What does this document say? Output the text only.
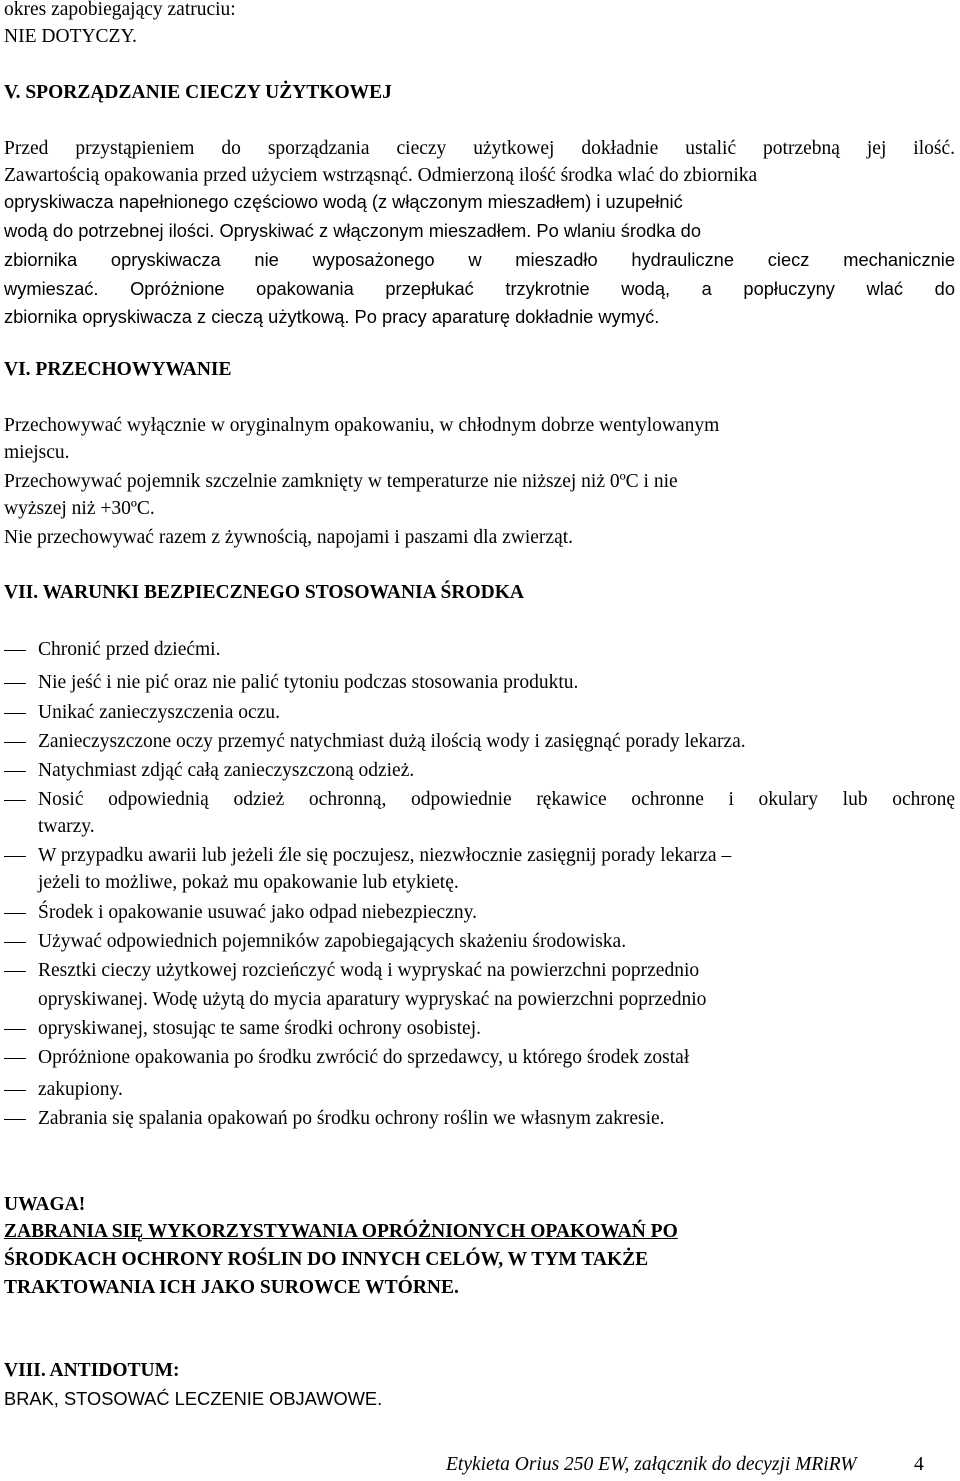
okres zapobiegający zatruciu:
NIE DOTYCZY.
V. SPORZĄDZANIE CIECZY UŻYTKOWEJ
Przed przystąpieniem do sporządzania cieczy użytkowej dokładnie ustalić potrzebną jej ilość.
Zawartością opakowania przed użyciem wstrząsnąć. Odmierzoną ilość środka wlać do zbiornika
opryskiwacza napełnionego częściowo wodą (z włączonym mieszadłem) i uzupełnić
wodą do potrzebnej ilości. Opryskiwać z włączonym mieszadłem. Po wlaniu środka do
zbiornika opryskiwacza nie wyposażonego w mieszadło hydrauliczne ciecz mechanicznie
wymieszać. Opróżnione opakowania przepłukać trzykrotnie wodą, a popłuczyny wlać do
zbiornika opryskiwacza z cieczą użytkową. Po pracy aparaturę dokładnie wymyć.
VI. PRZECHOWYWANIE
Przechowywać wyłącznie w oryginalnym opakowaniu, w chłodnym dobrze wentylowanym
miejscu.
Przechowywać pojemnik szczelnie zamknięty w temperaturze nie niższej niż 0ºC i nie
wyższej niż +30ºC.
Nie przechowywać razem z żywnością, napojami i paszami dla zwierząt.
VII. WARUNKI BEZPIECZNEGO STOSOWANIA ŚRODKA
Chronić przed dziećmi.
Nie jeść i nie pić oraz nie palić tytoniu podczas stosowania produktu.
Unikać zanieczyszczenia oczu.
Zanieczyszczone oczy przemyć natychmiast dużą ilością wody i zasięgnąć porady lekarza.
Natychmiast zdjąć całą zanieczyszczoną odzież.
Nosić odpowiednią odzież ochronną, odpowiednie rękawice ochronne i okulary lub ochronę
twarzy.
W przypadku awarii lub jeżeli źle się poczujesz, niezwłocznie zasięgnij porady lekarza –
jeżeli to możliwe, pokaż mu opakowanie lub etykietę.
Środek i opakowanie usuwać jako odpad niebezpieczny.
Używać odpowiednich pojemników zapobiegających skażeniu środowiska.
Resztki cieczy użytkowej rozcieńczyć wodą i wypryskać na powierzchni poprzednio
opryskiwanej. Wodę użytą do mycia aparatury wypryskać na powierzchni poprzednio
opryskiwanej, stosując te same środki ochrony osobistej.
Opróżnione opakowania po środku zwrócić do sprzedawcy, u którego środek został
zakupiony.
Zabrania się spalania opakowań po środku ochrony roślin we własnym zakresie.
UWAGA!
ZABRANIA SIĘ WYKORZYSTYWANIA OPRÓŻNIONYCH OPAKOWAŃ PO
ŚRODKACH OCHRONY ROŚLIN DO INNYCH CELÓW, W TYM TAKŻE
TRAKTOWANIA ICH JAKO SUROWCE WTÓRNE.
VIII. ANTIDOTUM:
BRAK, STOSOWAĆ LECZENIE OBJAWOWE.
Etykieta Orius 250 EW, załącznik do decyzji MRiRW	4
